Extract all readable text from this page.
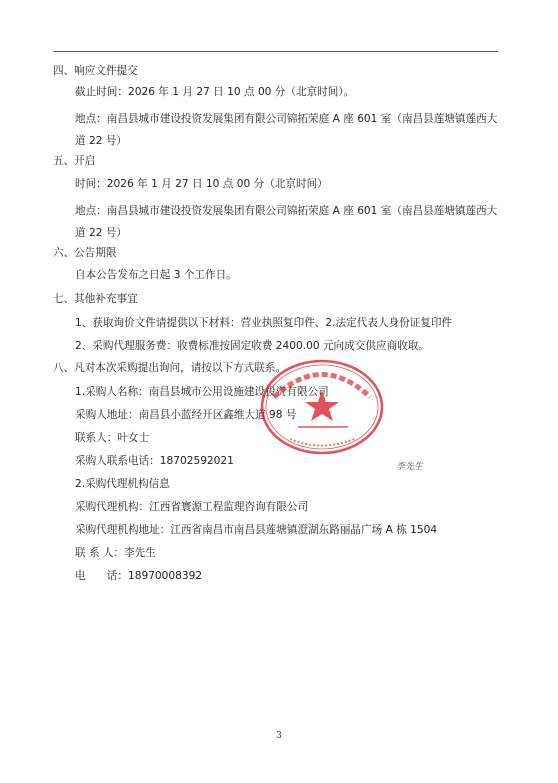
四、响应文件提交
截止时间：2026 年 1 月 27 日 10 点 00 分（北京时间）。
地点：南昌县城市建设投资发展集团有限公司锦拓荣庭 A 座 601 室（南昌县莲塘镇莲西大道 22 号）
五、开启
时间：2026 年 1 月 27 日 10 点 00 分（北京时间）
地点：南昌县城市建设投资发展集团有限公司锦拓荣庭 A 座 601 室（南昌县莲塘镇莲西大道 22 号）
六、公告期限
自本公告发布之日起 3 个工作日。
七、其他补充事宜
1、获取询价文件请提供以下材料：营业执照复印件、2.法定代表人身份证复印件
2、采购代理服务费：收费标准按固定收费 2400.00 元向成交供应商收取。
八、凡对本次采购提出询问，请按以下方式联系。
1.采购人名称：南昌县城市公用设施建设投资有限公司
采购人地址：南昌县小蓝经开区鑫维大道 98 号
联系人：叶女士
采购人联系电话：18702592021
2.采购代理机构信息
采购代理机构：江西省寰源工程监理咨询有限公司
采购代理机构地址：江西省南昌市南昌县莲塘镇澄湖东路丽晶广场 A 栋 1504
联 系 人：李先生
电　　话：18970008392
李先生
3
